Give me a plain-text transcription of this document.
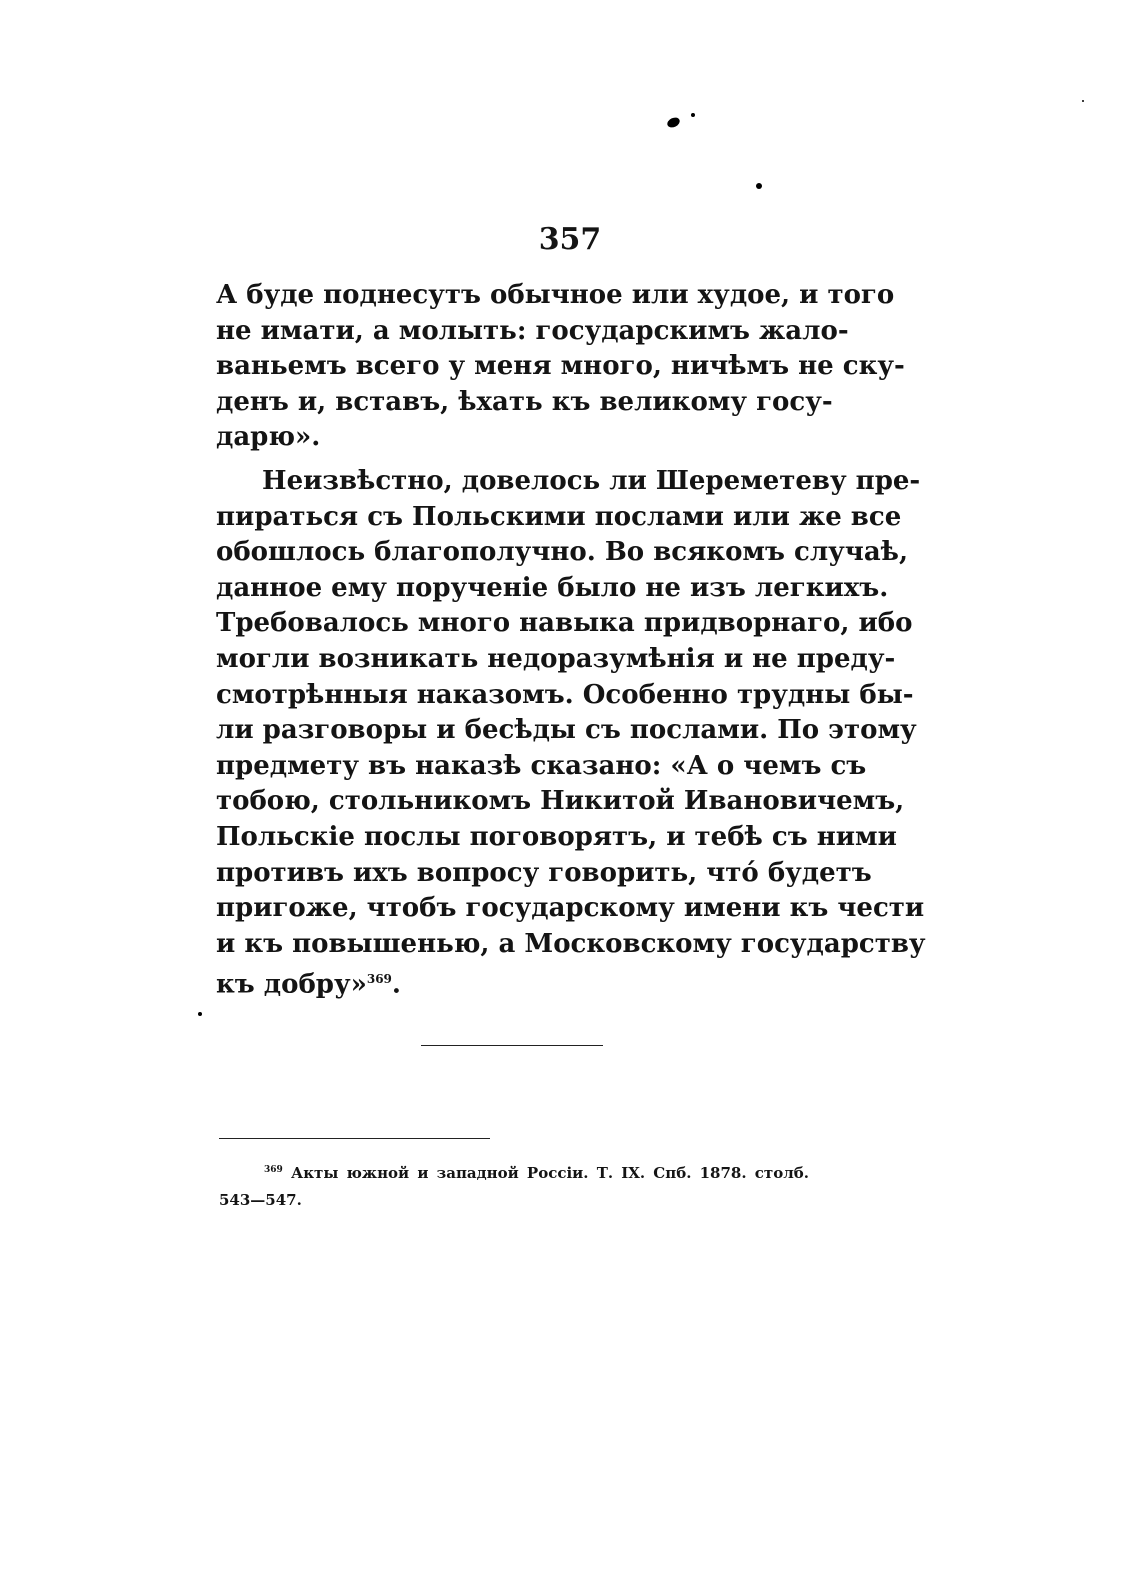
357
А буде поднесутъ обычное или худое, и того
не имати, а молыть: государскимъ жало-
ваньемъ всего у меня много, ничѣмъ не ску-
денъ и, вставъ, ѣхать къ великому госу-
дарю».
Неизвѣстно, довелось ли Шереметеву пре-
пираться съ Польскими послами или же все
обошлось благополучно. Во всякомъ случаѣ,
данное ему порученіе было не изъ легкихъ.
Требовалось много навыка придворнаго, ибо
могли возникать недоразумѣнія и не преду-
смотрѣнныя наказомъ. Особенно трудны бы-
ли разговоры и бесѣды съ послами. По этому
предмету въ наказѣ сказано: «А о чемъ съ
тобою, стольникомъ Никитой Ивановичемъ,
Польскіе послы поговорятъ, и тебѣ съ ними
противъ ихъ вопросу говорить, что́ будетъ
пригоже, чтобъ государскому имени къ чести
и къ повышенью, а Московскому государству
къ добру»$^{369}$.
$^{369}$ Акты южной и западной Россіи. Т. IX. Спб. 1878. столб.
543—547.
